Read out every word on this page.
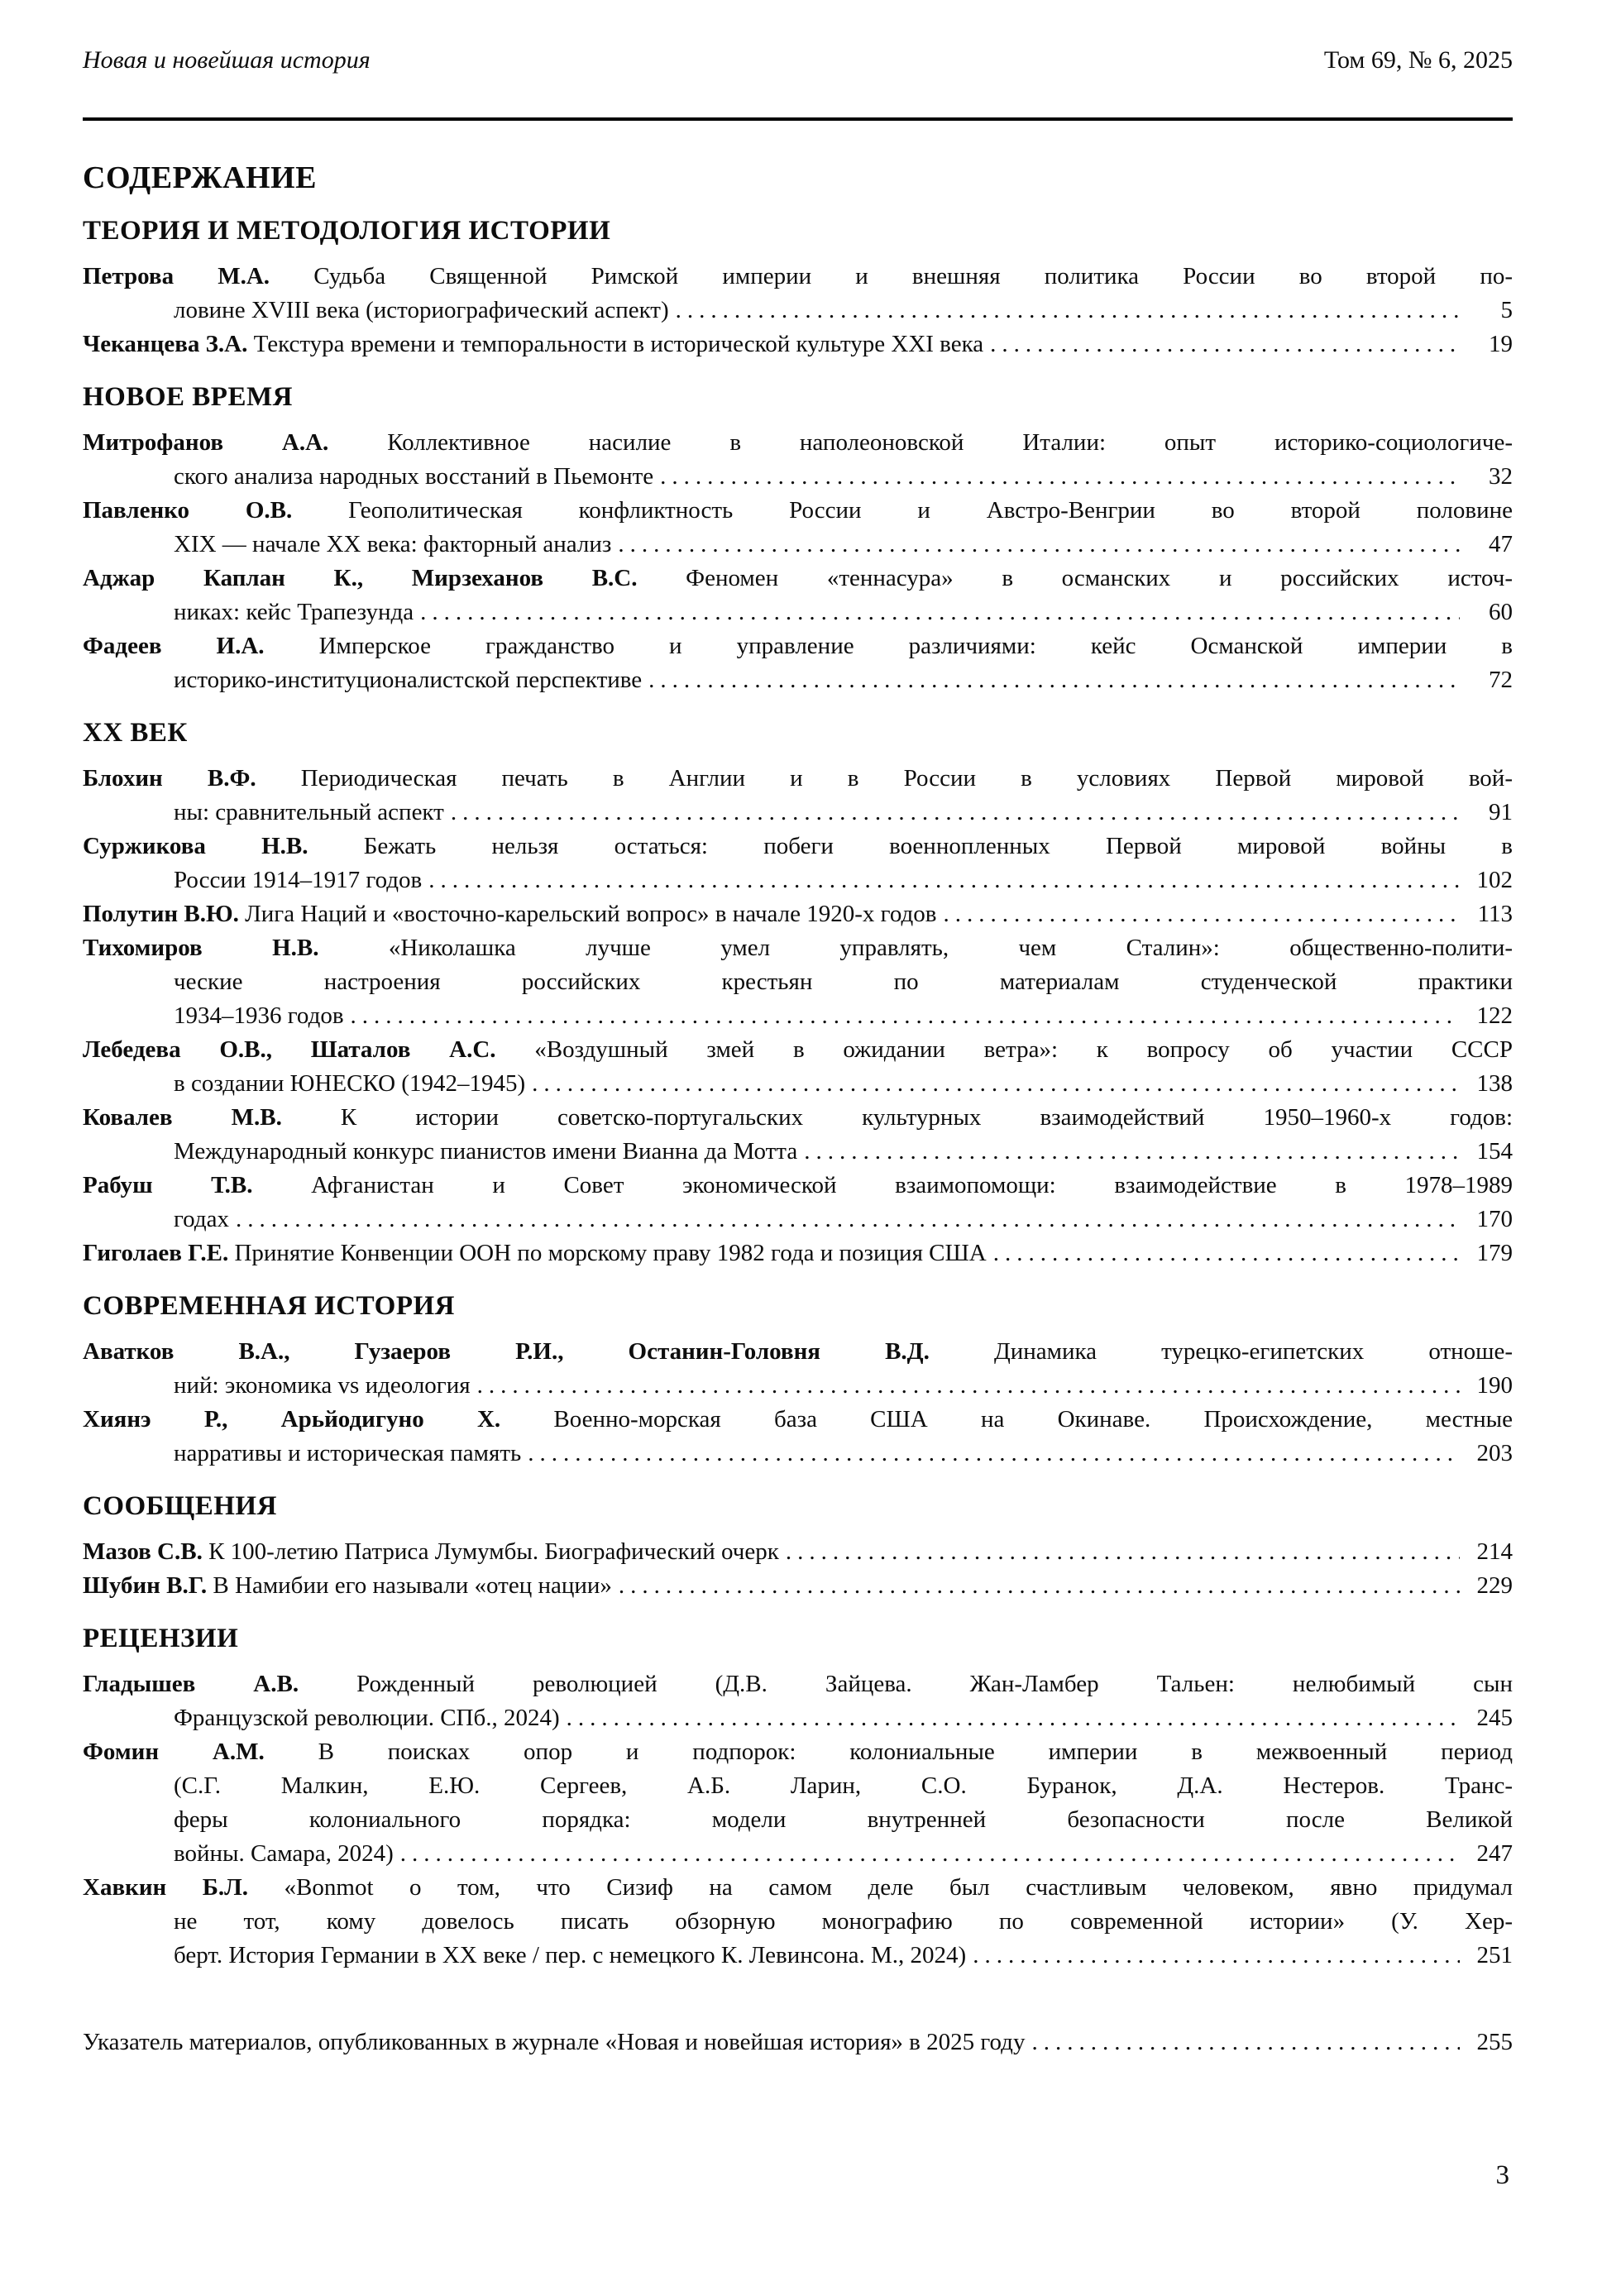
Новая и новейшая история	Том 69, № 6, 2025
СОДЕРЖАНИЕ
ТЕОРИЯ И МЕТОДОЛОГИЯ ИСТОРИИ
Петрова М.А. Судьба Священной Римской империи и внешняя политика России во второй по-
ловине XVIII века (историографический аспект) .....	5
Чеканцева З.А. Текстура времени и темпоральности в исторической культуре XXI века .....	19
НОВОЕ ВРЕМЯ
Митрофанов А.А. Коллективное насилие в наполеоновской Италии: опыт историко-социологиче-
ского анализа народных восстаний в Пьемонте .....	32
Павленко О.В. Геополитическая конфликтность России и Австро-Венгрии во второй половине
XIX — начале XX века: факторный анализ .....	47
Аджар Каплан К., Мирзеханов В.С. Феномен «теннасура» в османских и российских источ-
никах: кейс Трапезунда .....	60
Фадеев И.А. Имперское гражданство и управление различиями: кейс Османской империи в
историко-институционалистской перспективе .....	72
XX ВЕК
Блохин В.Ф. Периодическая печать в Англии и в России в условиях Первой мировой вой-
ны: сравнительный аспект .....	91
Суржикова Н.В. Бежать нельзя остаться: побеги военнопленных Первой мировой войны в
России 1914–1917 годов .....	102
Полутин В.Ю. Лига Наций и «восточно-карельский вопрос» в начале 1920-х годов .....	113
Тихомиров Н.В.	«Николашка лучше умел управлять, чем Сталин»: общественно-полити-
ческие настроения российских крестьян по материалам студенческой практики
1934–1936 годов .....	122
Лебедева О.В., Шаталов А.С. «Воздушный змей в ожидании ветра»: к вопросу об участии СССР
в создании ЮНЕСКО (1942–1945) .....	138
Ковалев М.В. К истории советско-португальских культурных взаимодействий 1950–1960-х годов:
Международный конкурс пианистов имени Вианна да Мотта .....	154
Рабуш Т.В. Афганистан и Совет экономической взаимопомощи: взаимодействие в 1978–1989
годах .....	170
Гиголаев Г.Е. Принятие Конвенции ООН по морскому праву 1982 года и позиция США .....	179
СОВРЕМЕННАЯ ИСТОРИЯ
Аватков В.А., Гузаеров Р.И., Останин-Головня В.Д.	Динамика турецко-египетских отноше-
ний: экономика vs идеология .....	190
Хиянэ Р., Арьйодигуно Х. Военно-морская база США на Окинаве. Происхождение, местные
нарративы и историческая память .....	203
СООБЩЕНИЯ
Мазов С.В. К 100-летию Патриса Лумумбы. Биографический очерк .....	214
Шубин В.Г. В Намибии его называли «отец нации» .....	229
РЕЦЕНЗИИ
Гладышев А.В. Рожденный революцией (Д.В. Зайцева. Жан-Ламбер Тальен: нелюбимый сын
Французской революции. СПб., 2024) .....	245
Фомин А.М. В поисках опор и подпорок: колониальные империи в межвоенный период
(С.Г. Малкин, Е.Ю. Сергеев, А.Б. Ларин, С.О. Буранок, Д.А. Нестеров. Транс-
феры колониального порядка: модели внутренней безопасности после Великой
войны. Самара, 2024) .....	247
Хавкин Б.Л. «Bonmot о том, что Сизиф на самом деле был счастливым человеком, явно придумал
не тот, кому довелось писать обзорную монографию по современной истории» (У. Хер-
берт. История Германии в XX веке / пер. с немецкого К. Левинсона. М., 2024) .....	251
Указатель материалов, опубликованных в журнале «Новая и новейшая история» в 2025 году .....	255
3
